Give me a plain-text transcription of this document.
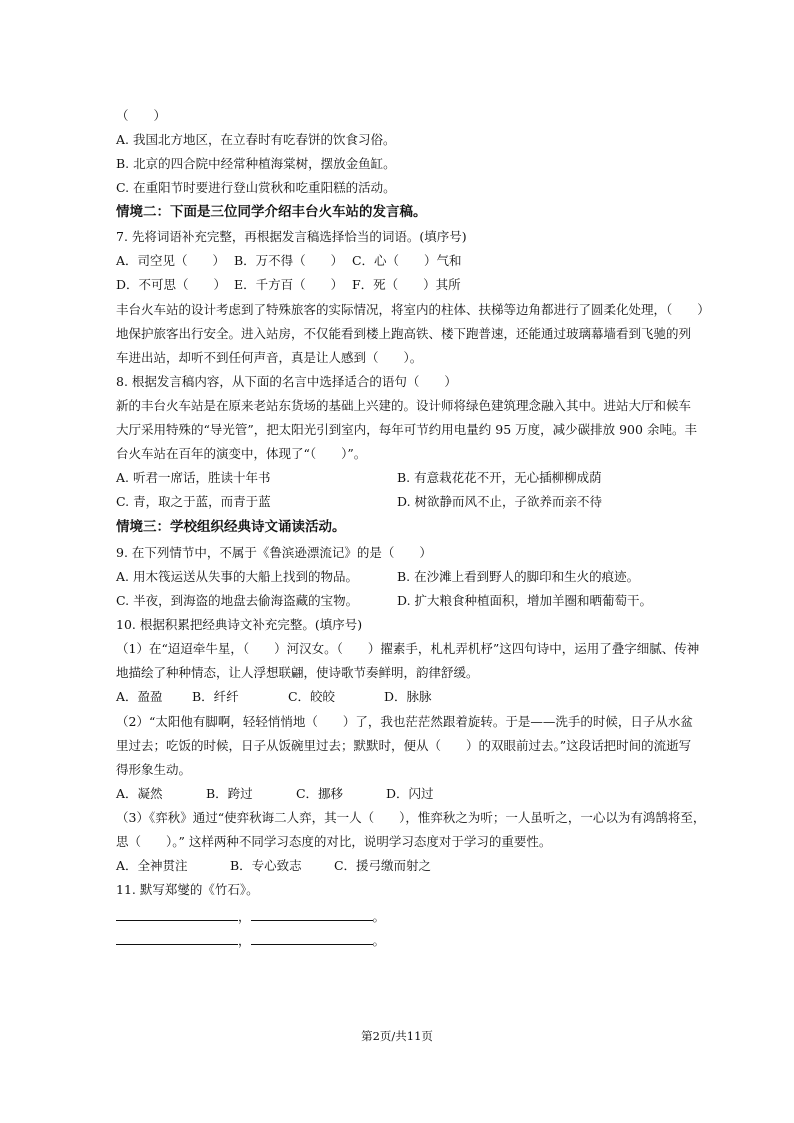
（　　）
A. 我国北方地区，在立春时有吃春饼的饮食习俗。
B. 北京的四合院中经常种植海棠树，摆放金鱼缸。
C. 在重阳节时要进行登山赏秋和吃重阳糕的活动。
情境二：下面是三位同学介绍丰台火车站的发言稿。
7. 先将词语补充完整，再根据发言稿选择恰当的词语。(填序号)
A．司空见（　　） B．万不得（　　） C．心（　　）气和
D．不可思（　　） E．千方百（　　） F．死（　　）其所
丰台火车站的设计考虑到了特殊旅客的实际情况，将室内的柱体、扶梯等边角都进行了圆柔化处理，（　　）
地保护旅客出行安全。进入站房，不仅能看到楼上跑高铁、楼下跑普速，还能通过玻璃幕墙看到飞驰的列
车进出站，却听不到任何声音，真是让人感到（　　）。
8. 根据发言稿内容，从下面的名言中选择适合的语句（　　）
新的丰台火车站是在原来老站东货场的基础上兴建的。设计师将绿色建筑理念融入其中。进站大厅和候车
大厅采用特殊的“导光管”，把太阳光引到室内，每年可节约用电量约 95 万度，减少碳排放 900 余吨。丰
台火车站在百年的演变中，体现了“（　　）”。
A. 听君一席话，胜读十年书	B. 有意栽花花不开，无心插柳柳成荫
C. 青，取之于蓝，而青于蓝	D. 树欲静而风不止，子欲养而亲不待
情境三：学校组织经典诗文诵读活动。
9. 在下列情节中，不属于《鲁滨逊漂流记》的是（　　）
A. 用木筏运送从失事的大船上找到的物品。	B. 在沙滩上看到野人的脚印和生火的痕迹。
C. 半夜，到海盗的地盘去偷海盗藏的宝物。	D. 扩大粮食种植面积，增加羊圈和晒葡萄干。
10. 根据积累把经典诗文补充完整。(填序号)
（1）在“迢迢牵牛星，（　　）河汉女。（　　）擢素手，札札弄机杼”这四句诗中，运用了叠字细腻、传神
地描绘了种种情态，让人浮想联翩，使诗歌节奏鲜明，韵律舒缓。
A．盈盈 B．纤纤	C．皎皎	D．脉脉
（2）“太阳他有脚啊，轻轻悄悄地（　　）了，我也茫茫然跟着旋转。于是——洗手的时候，日子从水盆
里过去；吃饭的时候，日子从饭碗里过去；默默时，便从（　　）的双眼前过去。”这段话把时间的流逝写
得形象生动。
A．凝然	B．跨过	C．挪移	D．闪过
（3）《弈秋》通过“使弈秋诲二人弈，其一人（　　），惟弈秋之为听；一人虽听之，一心以为有鸿鹄将至，
思（　　）。” 这样两种不同学习态度的对比，说明学习态度对于学习的重要性。
A．全神贯注	B．专心致志	C．援弓缴而射之
11. 默写郑燮的《竹石》。
，	。
，	。
第2页/共11页
